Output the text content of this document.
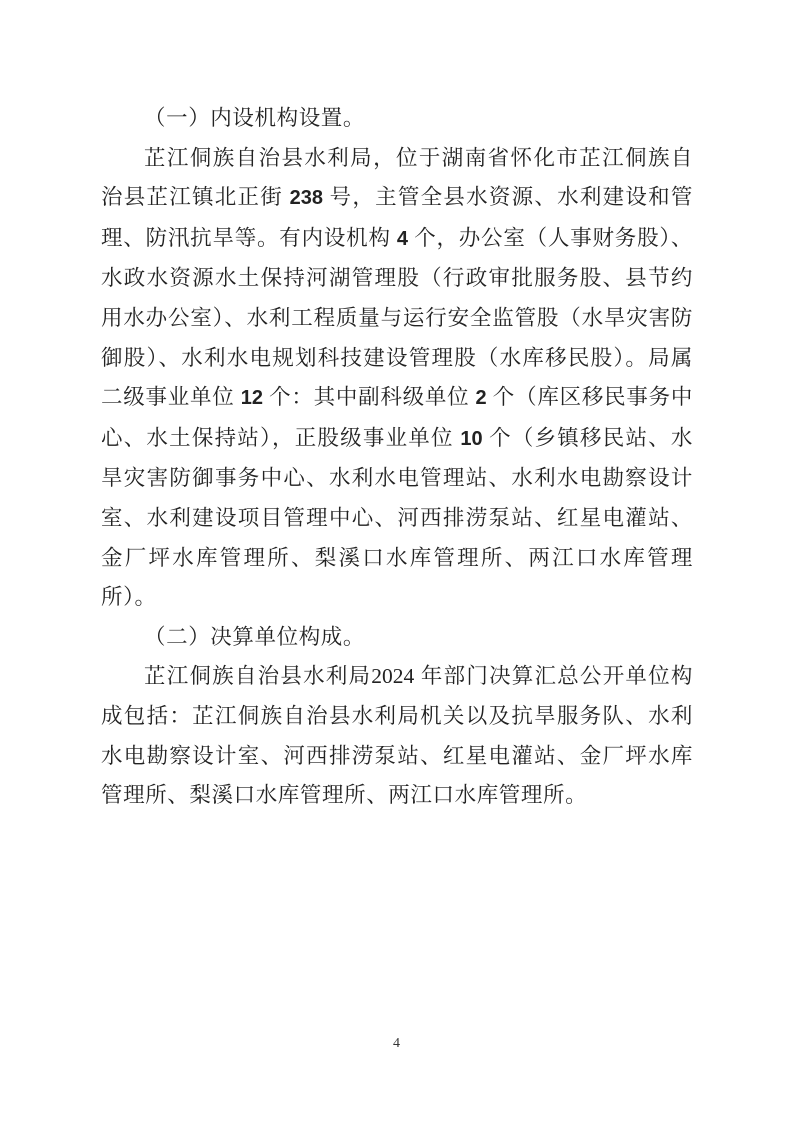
（一）内设机构设置。

芷江侗族自治县水利局，位于湖南省怀化市芷江侗族自治县芷江镇北正街 238 号，主管全县水资源、水利建设和管理、防汛抗旱等。有内设机构 4 个，办公室（人事财务股）、水政水资源水土保持河湖管理股（行政审批服务股、县节约用水办公室）、水利工程质量与运行安全监管股（水旱灾害防御股）、水利水电规划科技建设管理股（水库移民股）。局属二级事业单位 12 个：其中副科级单位 2 个（库区移民事务中心、水土保持站），正股级事业单位 10 个（乡镇移民站、水旱灾害防御事务中心、水利水电管理站、水利水电勘察设计室、水利建设项目管理中心、河西排涝泵站、红星电灌站、金厂坪水库管理所、梨溪口水库管理所、两江口水库管理所）。

（二）决算单位构成。

芷江侗族自治县水利局2024 年部门决算汇总公开单位构成包括：芷江侗族自治县水利局机关以及抗旱服务队、水利水电勘察设计室、河西排涝泵站、红星电灌站、金厂坪水库管理所、梨溪口水库管理所、两江口水库管理所。

4
